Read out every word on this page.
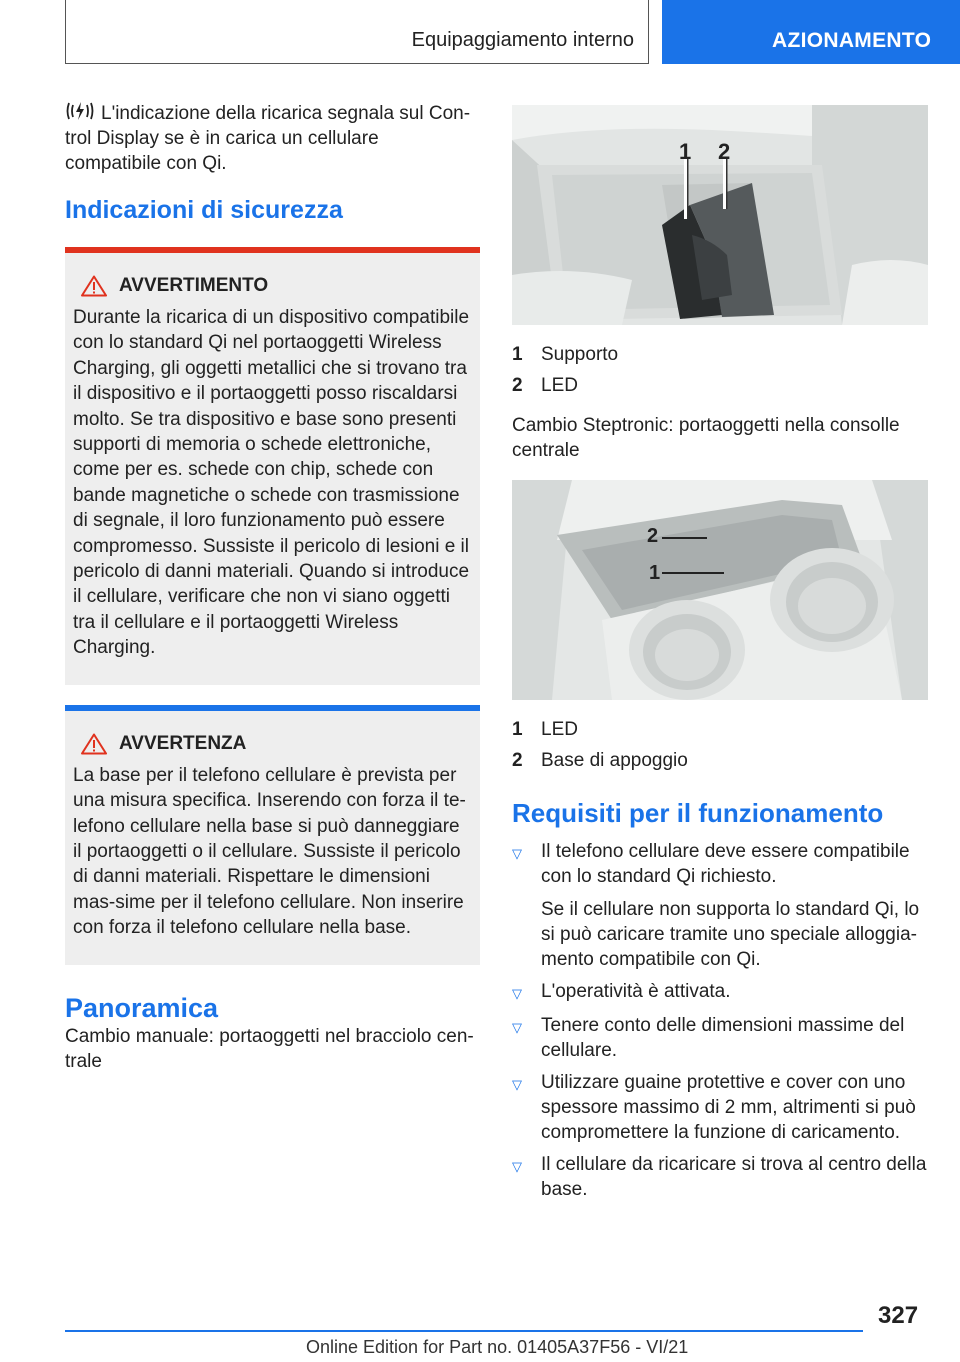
Equipaggiamento interno	AZIONAMENTO

L'indicazione della ricarica segnala sul Con-trol Display se è in carica un cellulare compatibile con Qi.

Indicazioni di sicurezza
AVVERTIMENTO

Durante la ricarica di un dispositivo compatibile con lo standard Qi nel portaoggetti Wireless Charging, gli oggetti metallici che si trovano tra il dispositivo e il portaoggetti posso riscaldarsi molto. Se tra dispositivo e base sono presenti supporti di memoria o schede elettroniche, come per es. schede con chip, schede con bande magnetiche o schede con trasmissione di segnale, il loro funzionamento può essere compromesso. Sussiste il pericolo di lesioni e il pericolo di danni materiali. Quando si introduce il cellulare, verificare che non vi siano oggetti tra il cellulare e il portaoggetti Wireless Charging.

AVVERTENZA

La base per il telefono cellulare è prevista per una misura specifica. Inserendo con forza il te-lefono cellulare nella base si può danneggiare il portaoggetti o il cellulare. Sussiste il pericolo di danni materiali. Rispettare le dimensioni mas-sime per il telefono cellulare. Non inserire con forza il telefono cellulare nella base.

Panoramica

Cambio manuale: portaoggetti nel bracciolo cen-trale

1 2
1 Supporto
2 LED

Cambio Steptronic: portaoggetti nella consolle centrale

2
1
1 LED
2 Base di appoggio
Requisiti per il funzionamento
▽	Il telefono cellulare deve essere compatibile con lo standard Qi richiesto.
Se il cellulare non supporta lo standard Qi, lo si può caricare tramite uno speciale alloggia-mento compatibile con Qi.
▽	L'operatività è attivata.
▽	Tenere conto delle dimensioni massime del cellulare.
▽	Utilizzare guaine protettive e cover con uno spessore massimo di 2 mm, altrimenti si può compromettere la funzione di caricamento.
▽	Il cellulare da ricaricare si trova al centro della base.
327
Online Edition for Part no. 01405A37F56 - VI/21
